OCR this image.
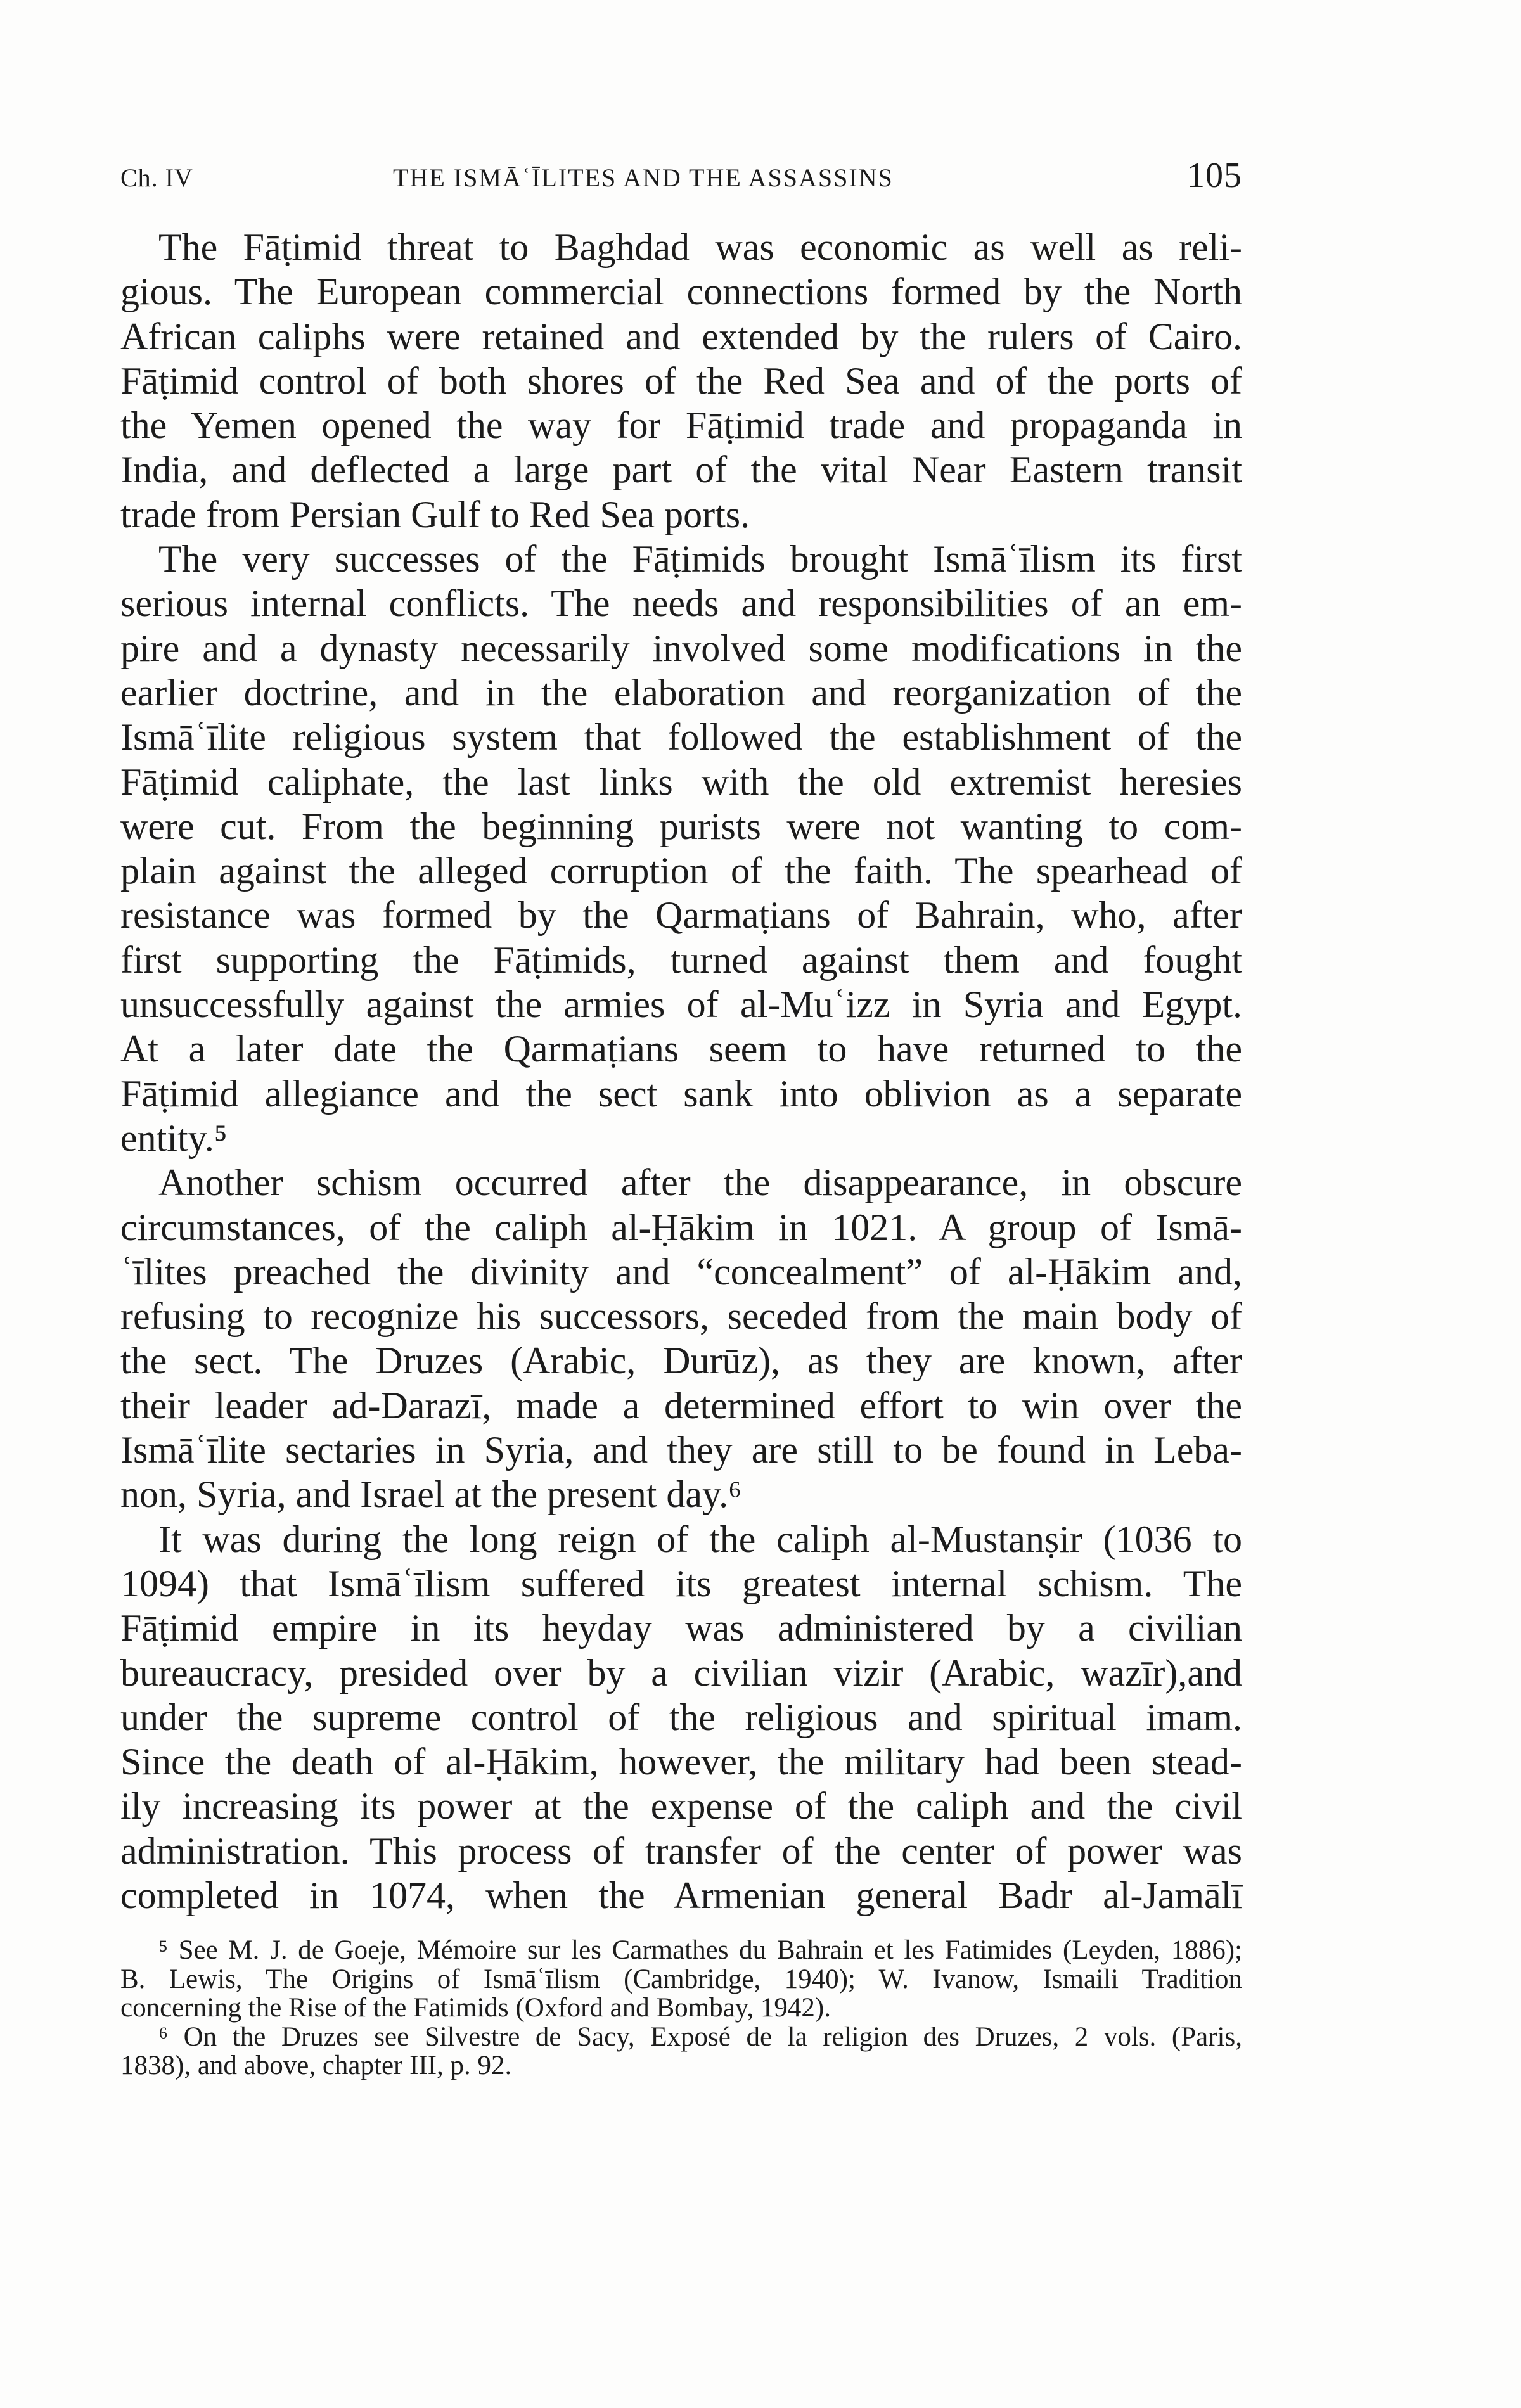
Ch. IV	THE ISMĀʿĪLITES AND THE ASSASSINS	105
The Fāṭimid threat to Baghdad was economic as well as reli-
gious. The European commercial connections formed by the North
African caliphs were retained and extended by the rulers of Cairo.
Fāṭimid control of both shores of the Red Sea and of the ports of
the Yemen opened the way for Fāṭimid trade and propaganda in
India, and deflected a large part of the vital Near Eastern transit
trade from Persian Gulf to Red Sea ports.
The very successes of the Fāṭimids brought Ismāʿīlism its first
serious internal conflicts. The needs and responsibilities of an em-
pire and a dynasty necessarily involved some modifications in the
earlier doctrine, and in the elaboration and reorganization of the
Ismāʿīlite religious system that followed the establishment of the
Fāṭimid caliphate, the last links with the old extremist heresies
were cut. From the beginning purists were not wanting to com-
plain against the alleged corruption of the faith. The spearhead of
resistance was formed by the Qarmaṭians of Bahrain, who, after
first supporting the Fāṭimids, turned against them and fought
unsuccessfully against the armies of al-Muʿizz in Syria and Egypt.
At a later date the Qarmaṭians seem to have returned to the
Fāṭimid allegiance and the sect sank into oblivion as a separate
entity.⁵
Another schism occurred after the disappearance, in obscure
circumstances, of the caliph al-Ḥākim in 1021. A group of Ismā-
ʿīlites preached the divinity and “concealment” of al-Ḥākim and,
refusing to recognize his successors, seceded from the main body of
the sect. The Druzes (Arabic, Durūz), as they are known, after
their leader ad-Darazī, made a determined effort to win over the
Ismāʿīlite sectaries in Syria, and they are still to be found in Leba-
non, Syria, and Israel at the present day.⁶
It was during the long reign of the caliph al-Mustanṣir (1036 to
1094) that Ismāʿīlism suffered its greatest internal schism. The
Fāṭimid empire in its heyday was administered by a civilian
bureaucracy, presided over by a civilian vizir (Arabic, wazīr),and
under the supreme control of the religious and spiritual imam.
Since the death of al-Ḥākim, however, the military had been stead-
ily increasing its power at the expense of the caliph and the civil
administration. This process of transfer of the center of power was
completed in 1074, when the Armenian general Badr al-Jamālī
⁵ See M. J. de Goeje, Mémoire sur les Carmathes du Bahrain et les Fatimides (Leyden, 1886);
B. Lewis, The Origins of Ismāʿīlism (Cambridge, 1940); W. Ivanow, Ismaili Tradition
concerning the Rise of the Fatimids (Oxford and Bombay, 1942).
⁶ On the Druzes see Silvestre de Sacy, Exposé de la religion des Druzes, 2 vols. (Paris,
1838), and above, chapter III, p. 92.
